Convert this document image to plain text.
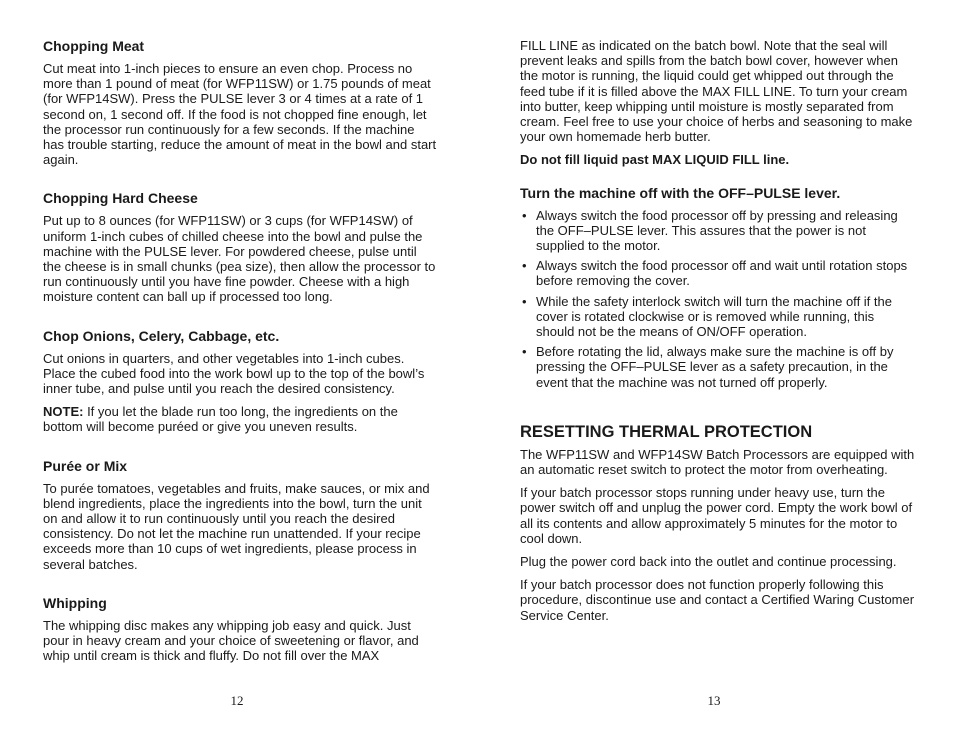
Chopping Meat

Cut meat into 1-inch pieces to ensure an even chop. Process no more than 1 pound of meat (for WFP11SW) or 1.75 pounds of meat (for WFP14SW). Press the PULSE lever 3 or 4 times at a rate of 1 second on, 1 second off. If the food is not chopped fine enough, let the processor run continuously for a few seconds. If the machine has trouble starting, reduce the amount of meat in the bowl and start again.

Chopping Hard Cheese

Put up to 8 ounces (for WFP11SW) or 3 cups (for WFP14SW) of uniform 1-inch cubes of chilled cheese into the bowl and pulse the machine with the PULSE lever. For powdered cheese, pulse until the cheese is in small chunks (pea size), then allow the processor to run continuously until you have fine powder. Cheese with a high moisture content can ball up if processed too long.

Chop Onions, Celery, Cabbage, etc.

Cut onions in quarters, and other vegetables into 1-inch cubes. Place the cubed food into the work bowl up to the top of the bowl’s inner tube, and pulse until you reach the desired consistency.

NOTE: If you let the blade run too long, the ingredients on the bottom will become puréed or give you uneven results.

Purée or Mix

To purée tomatoes, vegetables and fruits, make sauces, or mix and blend ingredients, place the ingredients into the bowl, turn the unit on and allow it to run continuously until you reach the desired consistency. Do not let the machine run unattended. If your recipe exceeds more than 10 cups of wet ingredients, please process in several batches.

Whipping

The whipping disc makes any whipping job easy and quick. Just pour in heavy cream and your choice of sweetening or flavor, and whip until cream is thick and fluffy. Do not fill over the MAX

12

FILL LINE as indicated on the batch bowl. Note that the seal will prevent leaks and spills from the batch bowl cover, however when the motor is running, the liquid could get whipped out through the feed tube if it is filled above the MAX FILL LINE. To turn your cream into butter, keep whipping until moisture is mostly separated from cream. Feel free to use your choice of herbs and seasoning to make your own homemade herb butter.

Do not fill liquid past MAX LIQUID FILL line.

Turn the machine off with the OFF–PULSE lever.
• Always switch the food processor off by pressing and releasing the OFF–PULSE lever. This assures that the power is not supplied to the motor.
• Always switch the food processor off and wait until rotation stops before removing the cover.
• While the safety interlock switch will turn the machine off if the cover is rotated clockwise or is removed while running, this should not be the means of ON/OFF operation.
• Before rotating the lid, always make sure the machine is off by pressing the OFF–PULSE lever as a safety precaution, in the event that the machine was not turned off properly.
RESETTING THERMAL PROTECTION

The WFP11SW and WFP14SW Batch Processors are equipped with an automatic reset switch to protect the motor from overheating.

If your batch processor stops running under heavy use, turn the power switch off and unplug the power cord. Empty the work bowl of all its contents and allow approximately 5 minutes for the motor to cool down.

Plug the power cord back into the outlet and continue processing.

If your batch processor does not function properly following this procedure, discontinue use and contact a Certified Waring Customer Service Center.

13
